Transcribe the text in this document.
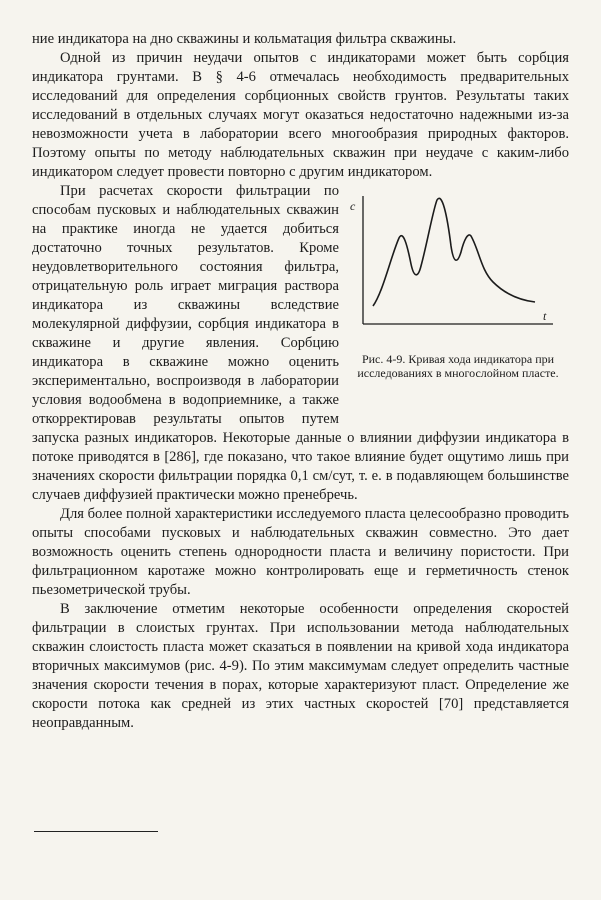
ние индикатора на дно скважины и кольматация фильтра скважины.

Одной из причин неудачи опытов с индикаторами может быть сорбция индикатора грунтами. В § 4-6 отмечалась необходимость предварительных исследований для определения сорбционных свойств грунтов. Результаты таких исследований в отдельных случаях могут оказаться недостаточно надежными из-за невозможности учета в лаборатории всего многообразия природных факторов. Поэтому опыты по методу наблюдательных скважин при неудаче с каким-либо индикатором следует провести повторно с другим индикатором.

c
t
Рис. 4-9. Кривая хода индикатора при исследованиях в многослойном пласте.

При расчетах скорости фильтрации по способам пусковых и наблюдательных скважин на практике иногда не удается добиться достаточно точных результатов. Кроме неудовлетворительного состояния фильтра, отрицательную роль играет миграция раствора индикатора из скважины вследствие молекулярной диффузии, сорбция индикатора в скважине и другие явления. Сорбцию индикатора в скважине можно оценить экспериментально, воспроизводя в лаборатории условия водообмена в водоприемнике, а также откорректировав результаты опытов путем запуска разных индикаторов. Некоторые данные о влиянии диффузии индикатора в потоке приводятся в [286], где показано, что такое влияние будет ощутимо лишь при значениях скорости фильтрации порядка 0,1 см/сут, т. е. в подавляющем большинстве случаев диффузией практически можно пренебречь.

Для более полной характеристики исследуемого пласта целесообразно проводить опыты способами пусковых и наблюдательных скважин совместно. Это дает возможность оценить степень однородности пласта и величину пористости. При фильтрационном каротаже можно контролировать еще и герметичность стенок пьезометрической трубы.

В заключение отметим некоторые особенности определения скоростей фильтрации в слоистых грунтах. При использовании метода наблюдательных скважин слоистость пласта может сказаться в появлении на кривой хода индикатора вторичных максимумов (рис. 4-9). По этим максимумам следует определить частные значения скорости течения в порах, которые характеризуют пласт. Определение же скорости потока как средней из этих частных скоростей [70] представляется неоправданным.
